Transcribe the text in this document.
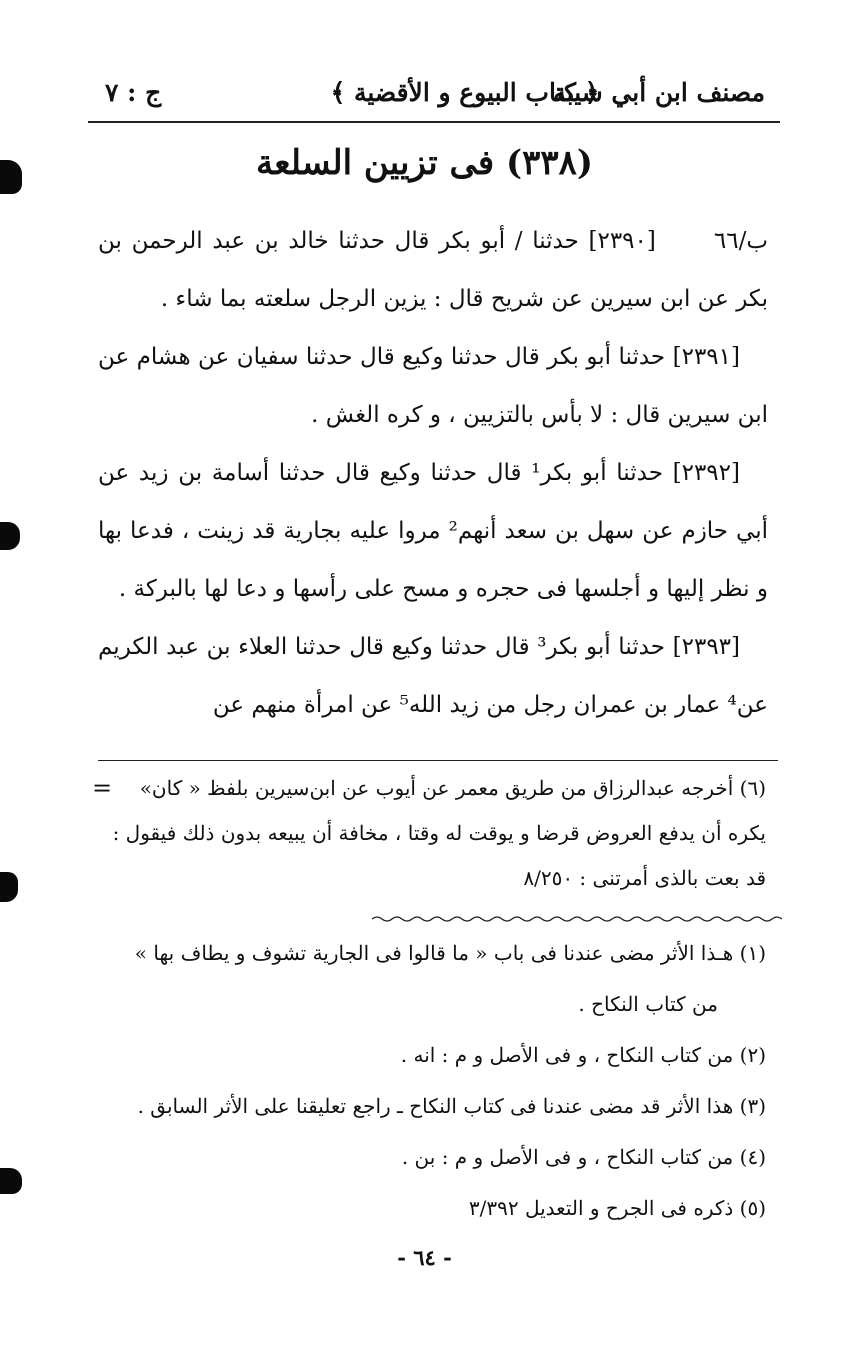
مصنف ابن أبي شيبة
﴿ كتاب البيوع و الأقضية ﴾
ج : ٧
(٣٣٨) فى تزيين السلعة

ب/٦٦[٢٣٩٠] حدثنا / أبو بكر قال حدثنا خالد بن عبد الرحمن بن بكر عن ابن سيرين عن شريح قال : يزين الرجل سلعته بما شاء .

[٢٣٩١] حدثنا أبو بكر قال حدثنا وكيع قال حدثنا سفيان عن هشام عن ابن سيرين قال : لا بأس بالتزيين ، و كره الغش .

[٢٣٩٢] حدثنا أبو بكر¹ قال حدثنا وكيع قال حدثنا أسامة بن زيد عن أبي حازم عن سهل بن سعد أنهم² مروا عليه بجارية قد زينت ، فدعا بها و نظر إليها و أجلسها فى حجره و مسح على رأسها و دعا لها بالبركة .

[٢٣٩٣] حدثنا أبو بكر³ قال حدثنا وكيع قال حدثنا العلاء بن عبد الكريم عن⁴ عمار بن عمران رجل من زيد الله⁵ عن امرأة منهم عن

=	(٦) أخرجه عبدالرزاق من طريق معمر عن أيوب عن ابن‌سيرين بلفظ « كان» يكره أن يدفع العروض قرضا و يوقت له وقتا ، مخافة أن يبيعه بدون ذلك فيقول : قد بعت بالذى أمرتنى : ٨/٢٥٠

(١) هـذا الأثر مضى عندنا فى باب « ما قالوا فى الجارية تشوف و يطاف بها »

من كتاب النكاح .

(٢) من كتاب النكاح ، و فى الأصل و م : انه .

(٣) هذا الأثر قد مضى عندنا فى كتاب النكاح ـ راجع تعليقنا على الأثر السابق .

(٤) من كتاب النكاح ، و فى الأصل و م : بن .

(٥) ذكره فى الجرح و التعديل ٣/٣٩٢

- ٦٤ -
